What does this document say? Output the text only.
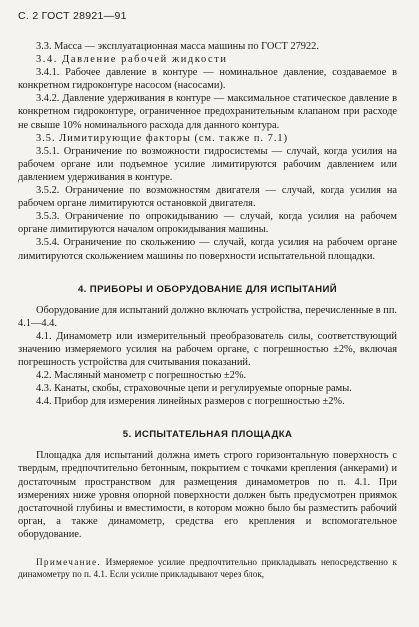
С. 2 ГОСТ 28921—91

3.3. Масса — эксплуатационная масса машины по ГОСТ 27922.

3.4. Давление рабочей жидкости

3.4.1. Рабочее давление в контуре — номинальное давление, создаваемое в конкретном гидроконтуре насосом (насосами).

3.4.2. Давление удерживания в контуре — максимальное статическое давление в конкретном гидроконтуре, ограниченное предохранительным клапаном при расходе не свыше 10% номинального расхода для данного контура.

3.5. Лимитирующие факторы (см. также п. 7.1)

3.5.1. Ограничение по возможности гидросистемы — случай, когда усилия на рабочем органе или подъемное усилие лимитируются рабочим давлением или давлением удерживания в контуре.

3.5.2. Ограничение по возможностям двигателя — случай, когда усилия на рабочем органе лимитируются остановкой двигателя.

3.5.3. Ограничение по опрокидыванию — случай, когда усилия на рабочем органе лимитируются началом опрокидывания машины.

3.5.4. Ограничение по скольжению — случай, когда усилия на рабочем органе лимитируются скольжением машины по поверхности испытательной площадки.

4. ПРИБОРЫ И ОБОРУДОВАНИЕ ДЛЯ ИСПЫТАНИЙ

Оборудование для испытаний должно включать устройства, перечисленные в пп. 4.1—4.4.

4.1. Динамометр или измерительный преобразователь силы, соответствующий значению измеряемого усилия на рабочем органе, с погрешностью ±2%, включая погрешность устройства для считывания показаний.

4.2. Масляный манометр с погрешностью ±2%.

4.3. Канаты, скобы, страховочные цепи и регулируемые опорные рамы.

4.4. Прибор для измерения линейных размеров с погрешностью ±2%.

5. ИСПЫТАТЕЛЬНАЯ ПЛОЩАДКА

Площадка для испытаний должна иметь строго горизонтальную поверхность с твердым, предпочтительно бетонным, покрытием с точками крепления (анкерами) и достаточным пространством для размещения динамометров по п. 4.1. При измерениях ниже уровня опорной поверхности должен быть предусмотрен приямок достаточной глубины и вместимости, в котором можно было бы разместить рабочий орган, а также динамометр, средства его крепления и вспомогательное оборудование.

Примечание. Измеряемое усилие предпочтительно прикладывать непосредственно к динамометру по п. 4.1. Если усилие прикладывают через блок,
